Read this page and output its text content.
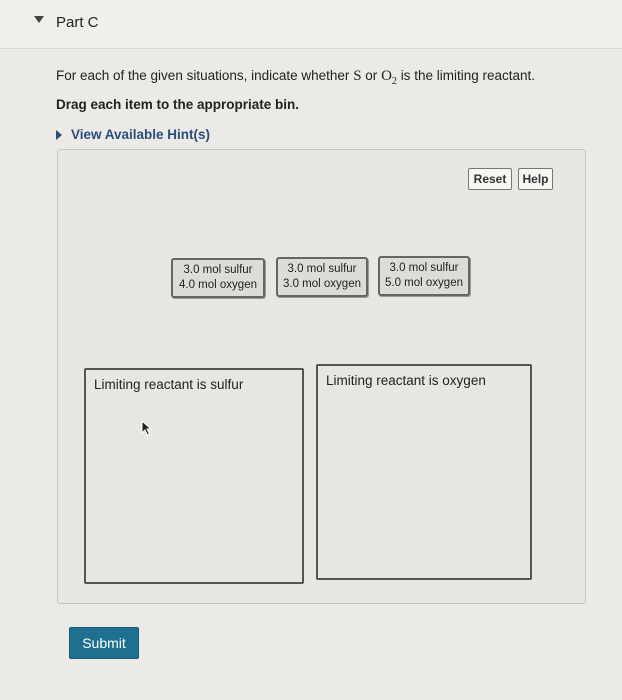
Part C
For each of the given situations, indicate whether S or $O_2$ is the limiting reactant.
Drag each item to the appropriate bin.
View Available Hint(s)
Reset	Help
3.0 mol sulfur
4.0 mol oxygen
3.0 mol sulfur
3.0 mol oxygen
3.0 mol sulfur
5.0 mol oxygen
Limiting reactant is sulfur	Limiting reactant is oxygen
Submit
